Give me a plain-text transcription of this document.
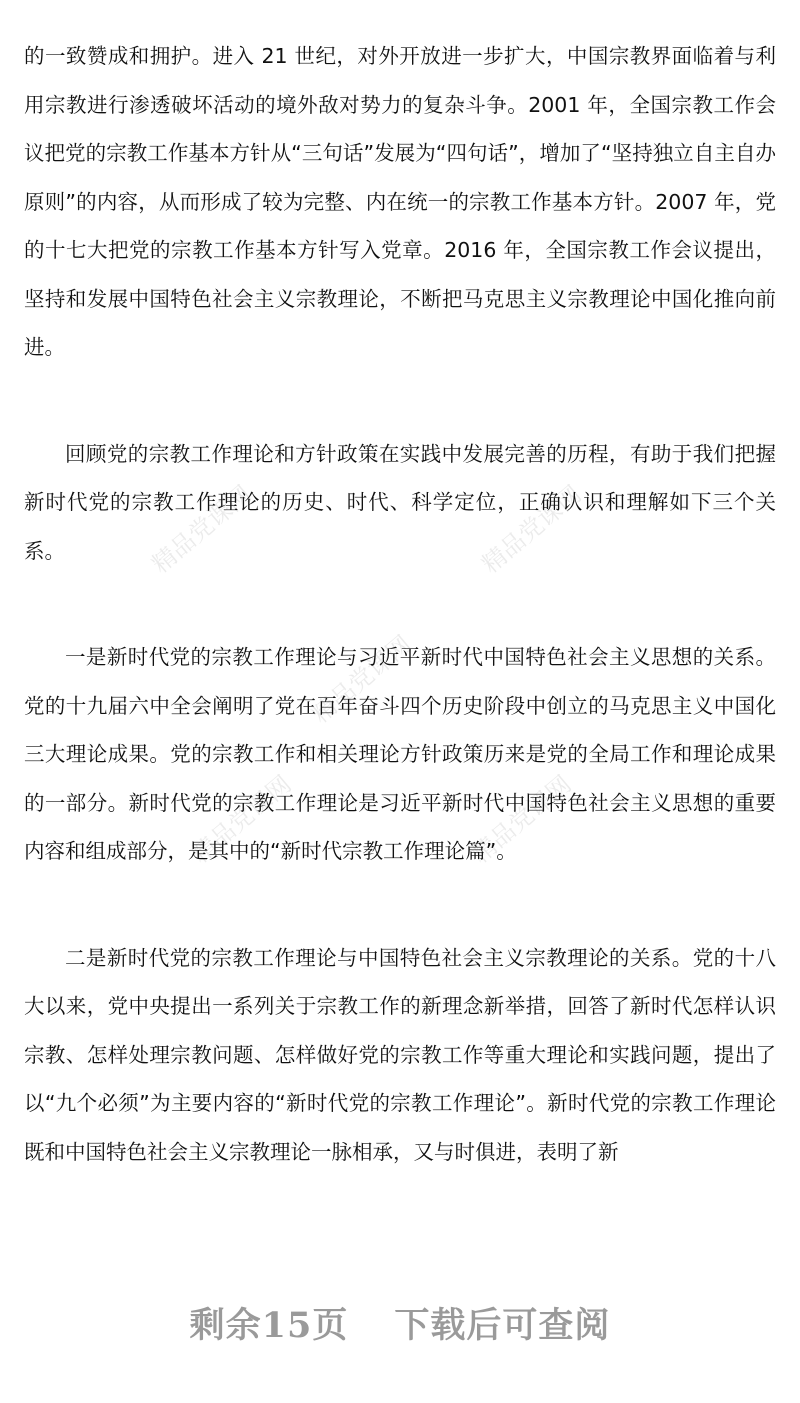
精品党课网	精品党课网
精品党课网
精品党课网	精品党课网

的一致赞成和拥护。进入 21 世纪，对外开放进一步扩大，中国宗教界面临着与利用宗教进行渗透破坏活动的境外敌对势力的复杂斗争。2001 年，全国宗教工作会议把党的宗教工作基本方针从“三句话”发展为“四句话”，增加了“坚持独立自主自办原则”的内容，从而形成了较为完整、内在统一的宗教工作基本方针。2007 年，党的十七大把党的宗教工作基本方针写入党章。2016 年，全国宗教工作会议提出，坚持和发展中国特色社会主义宗教理论，不断把马克思主义宗教理论中国化推向前进。

回顾党的宗教工作理论和方针政策在实践中发展完善的历程，有助于我们把握新时代党的宗教工作理论的历史、时代、科学定位，正确认识和理解如下三个关系。

一是新时代党的宗教工作理论与习近平新时代中国特色社会主义思想的关系。党的十九届六中全会阐明了党在百年奋斗四个历史阶段中创立的马克思主义中国化三大理论成果。党的宗教工作和相关理论方针政策历来是党的全局工作和理论成果的一部分。新时代党的宗教工作理论是习近平新时代中国特色社会主义思想的重要内容和组成部分，是其中的“新时代宗教工作理论篇”。

二是新时代党的宗教工作理论与中国特色社会主义宗教理论的关系。党的十八大以来，党中央提出一系列关于宗教工作的新理念新举措，回答了新时代怎样认识宗教、怎样处理宗教问题、怎样做好党的宗教工作等重大理论和实践问题，提出了以“九个必须”为主要内容的“新时代党的宗教工作理论”。新时代党的宗教工作理论既和中国特色社会主义宗教理论一脉相承，又与时俱进，表明了新

剩余15页 下载后可查阅
